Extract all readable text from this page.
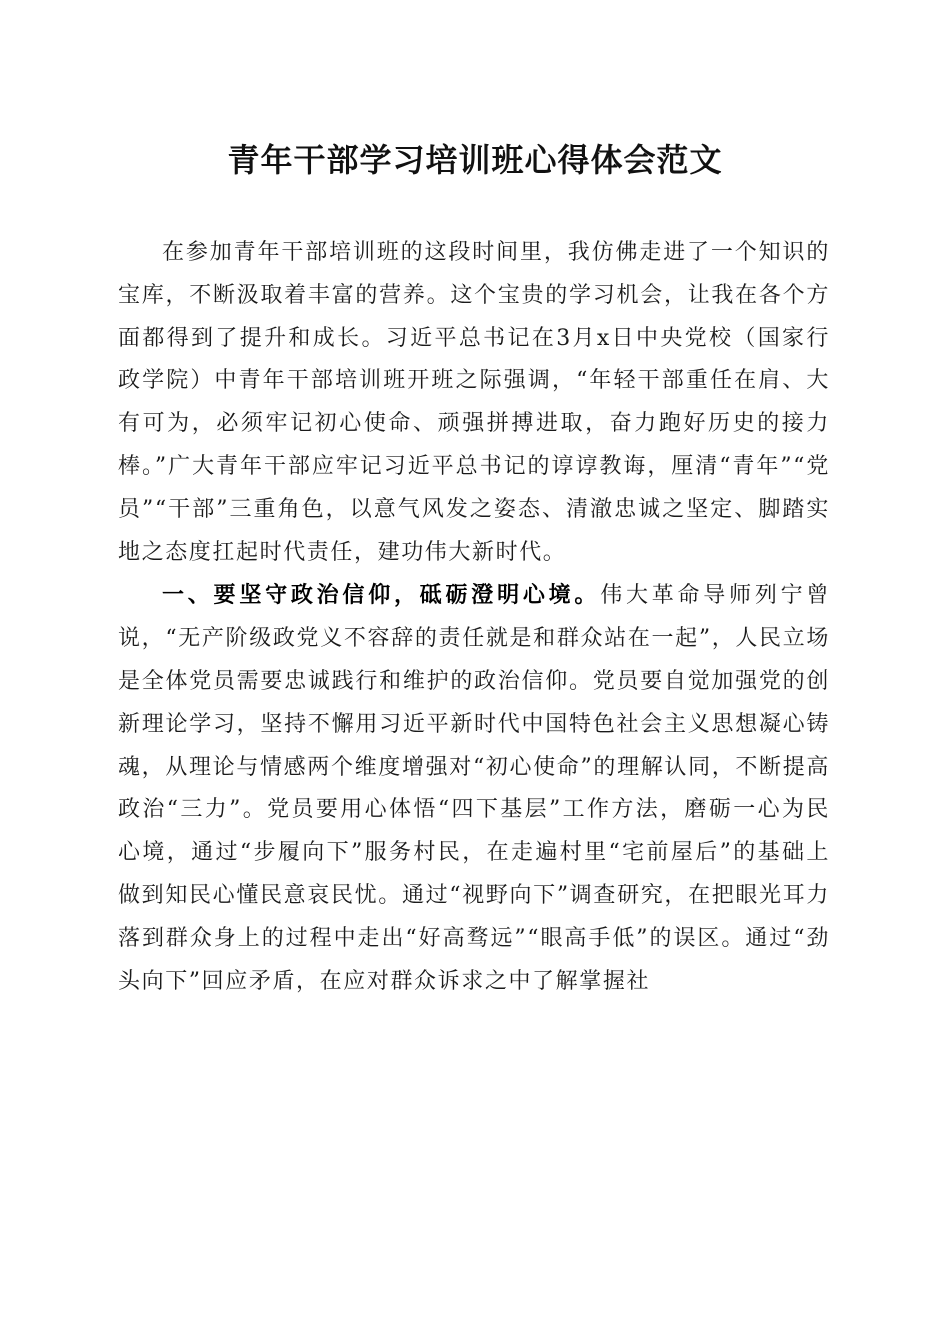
青年干部学习培训班心得体会范文

在参加青年干部培训班的这段时间里，我仿佛走进了一个知识的宝库，不断汲取着丰富的营养。这个宝贵的学习机会，让我在各个方面都得到了提升和成长。习近平总书记在3月x日中央党校（国家行政学院）中青年干部培训班开班之际强调，“年轻干部重任在肩、大有可为，必须牢记初心使命、顽强拼搏进取，奋力跑好历史的接力棒。”广大青年干部应牢记习近平总书记的谆谆教诲，厘清“青年”“党员”“干部”三重角色，以意气风发之姿态、清澈忠诚之坚定、脚踏实地之态度扛起时代责任，建功伟大新时代。

一、要坚守政治信仰，砥砺澄明心境。伟大革命导师列宁曾说，“无产阶级政党义不容辞的责任就是和群众站在一起”，人民立场是全体党员需要忠诚践行和维护的政治信仰。党员要自觉加强党的创新理论学习，坚持不懈用习近平新时代中国特色社会主义思想凝心铸魂，从理论与情感两个维度增强对“初心使命”的理解认同，不断提高政治“三力”。党员要用心体悟“四下基层”工作方法，磨砺一心为民心境，通过“步履向下”服务村民，在走遍村里“宅前屋后”的基础上做到知民心懂民意哀民忧。通过“视野向下”调查研究，在把眼光耳力落到群众身上的过程中走出“好高骛远”“眼高手低”的误区。通过“劲头向下”回应矛盾，在应对群众诉求之中了解掌握社
